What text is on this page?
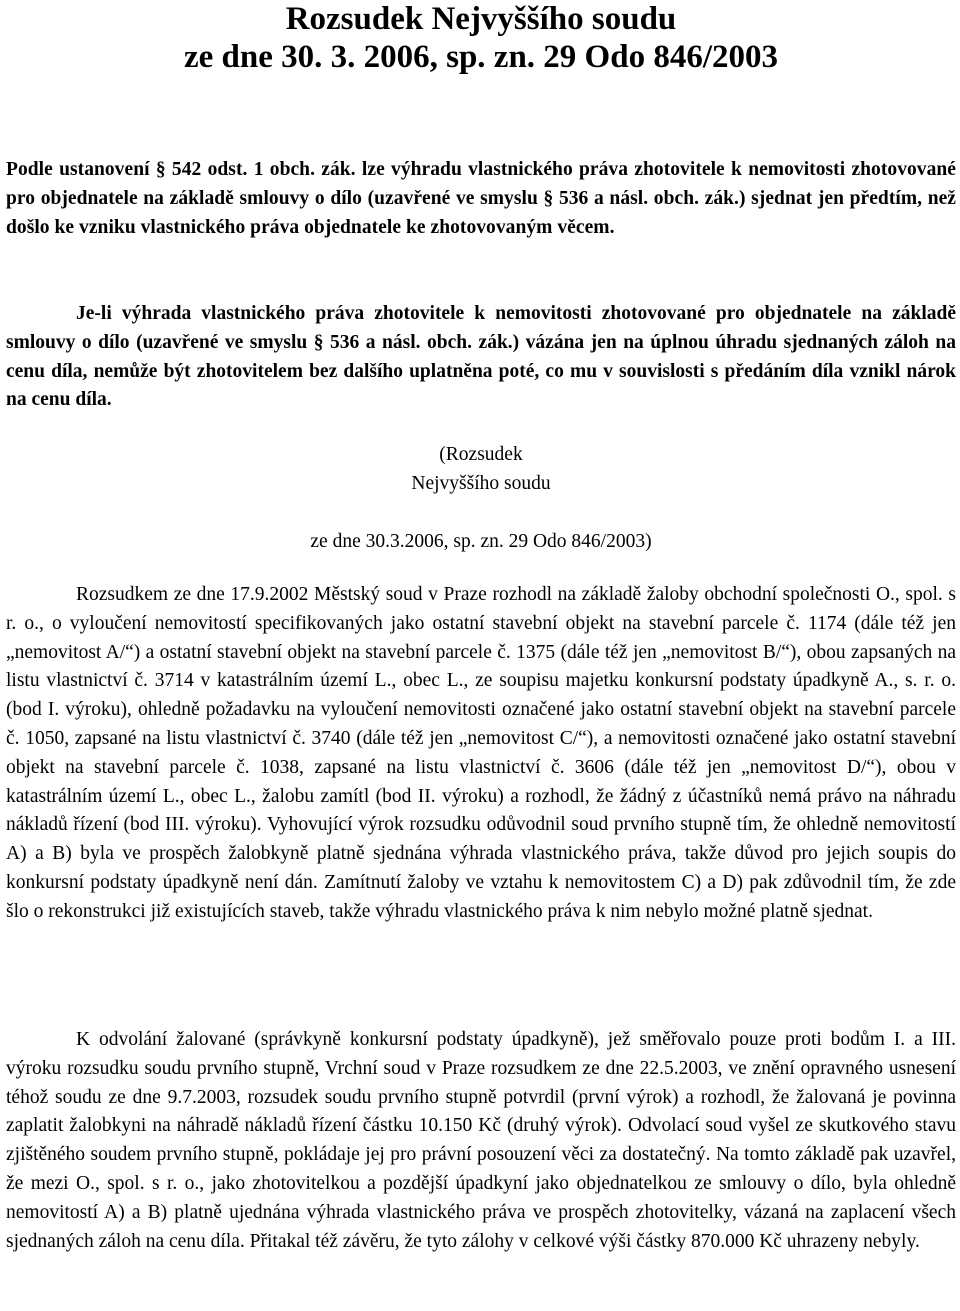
Rozsudek Nejvyššího soudu
ze dne 30. 3. 2006, sp. zn. 29 Odo 846/2003

Podle ustanovení § 542 odst. 1 obch. zák. lze výhradu vlastnického práva zhotovitele k nemovitosti zhotovované pro objednatele na základě smlouvy o dílo (uzavřené ve smyslu § 536 a násl. obch. zák.) sjednat jen předtím, než došlo ke vzniku vlastnického práva objednatele ke zhotovovaným věcem.

Je-li výhrada vlastnického práva zhotovitele k nemovitosti zhotovované pro objednatele na základě smlouvy o dílo (uzavřené ve smyslu § 536 a násl. obch. zák.) vázána jen na úplnou úhradu sjednaných záloh na cenu díla, nemůže být zhotovitelem bez dalšího uplatněna poté, co mu v souvislosti s předáním díla vznikl nárok na cenu díla.

(Rozsudek
Nejvyššího soudu
ze dne 30.3.2006, sp. zn. 29 Odo 846/2003)

Rozsudkem ze dne 17.9.2002 Městský soud v Praze rozhodl na základě žaloby obchodní společnosti O., spol. s r. o., o vyloučení nemovitostí specifikovaných jako ostatní stavební objekt na stavební parcele č. 1174 (dále též jen „nemovitost A/“) a ostatní stavební objekt na stavební parcele č. 1375 (dále též jen „nemovitost B/“), obou zapsaných na listu vlastnictví č. 3714 v katastrálním území L., obec L., ze soupisu majetku konkursní podstaty úpadkyně A., s. r. o. (bod I. výroku), ohledně požadavku na vyloučení nemovitosti označené jako ostatní stavební objekt na stavební parcele č. 1050, zapsané na listu vlastnictví č. 3740 (dále též jen „nemovitost C/“), a nemovitosti označené jako ostatní stavební objekt na stavební parcele č. 1038, zapsané na listu vlastnictví č. 3606 (dále též jen „nemovitost D/“), obou v katastrálním území L., obec L., žalobu zamítl (bod II. výroku) a rozhodl, že žádný z účastníků nemá právo na náhradu nákladů řízení (bod III. výroku). Vyhovující výrok rozsudku odůvodnil soud prvního stupně tím, že ohledně nemovitostí A) a B) byla ve prospěch žalobkyně platně sjednána výhrada vlastnického práva, takže důvod pro jejich soupis do konkursní podstaty úpadkyně není dán. Zamítnutí žaloby ve vztahu k nemovitostem C) a D) pak zdůvodnil tím, že zde šlo o rekonstrukci již existujících staveb, takže výhradu vlastnického práva k nim nebylo možné platně sjednat.

K odvolání žalované (správkyně konkursní podstaty úpadkyně), jež směřovalo pouze proti bodům I. a III. výroku rozsudku soudu prvního stupně, Vrchní soud v Praze rozsudkem ze dne 22.5.2003, ve znění opravného usnesení téhož soudu ze dne 9.7.2003, rozsudek soudu prvního stupně potvrdil (první výrok) a rozhodl, že žalovaná je povinna zaplatit žalobkyni na náhradě nákladů řízení částku 10.150 Kč (druhý výrok). Odvolací soud vyšel ze skutkového stavu zjištěného soudem prvního stupně, pokládaje jej pro právní posouzení věci za dostatečný. Na tomto základě pak uzavřel, že mezi O., spol. s r. o., jako zhotovitelkou a pozdější úpadkyní jako objednatelkou ze smlouvy o dílo, byla ohledně nemovitostí A) a B) platně ujednána výhrada vlastnického práva ve prospěch zhotovitelky, vázaná na zaplacení všech sjednaných záloh na cenu díla. Přitakal též závěru, že tyto zálohy v celkové výši částky 870.000 Kč uhrazeny nebyly.
